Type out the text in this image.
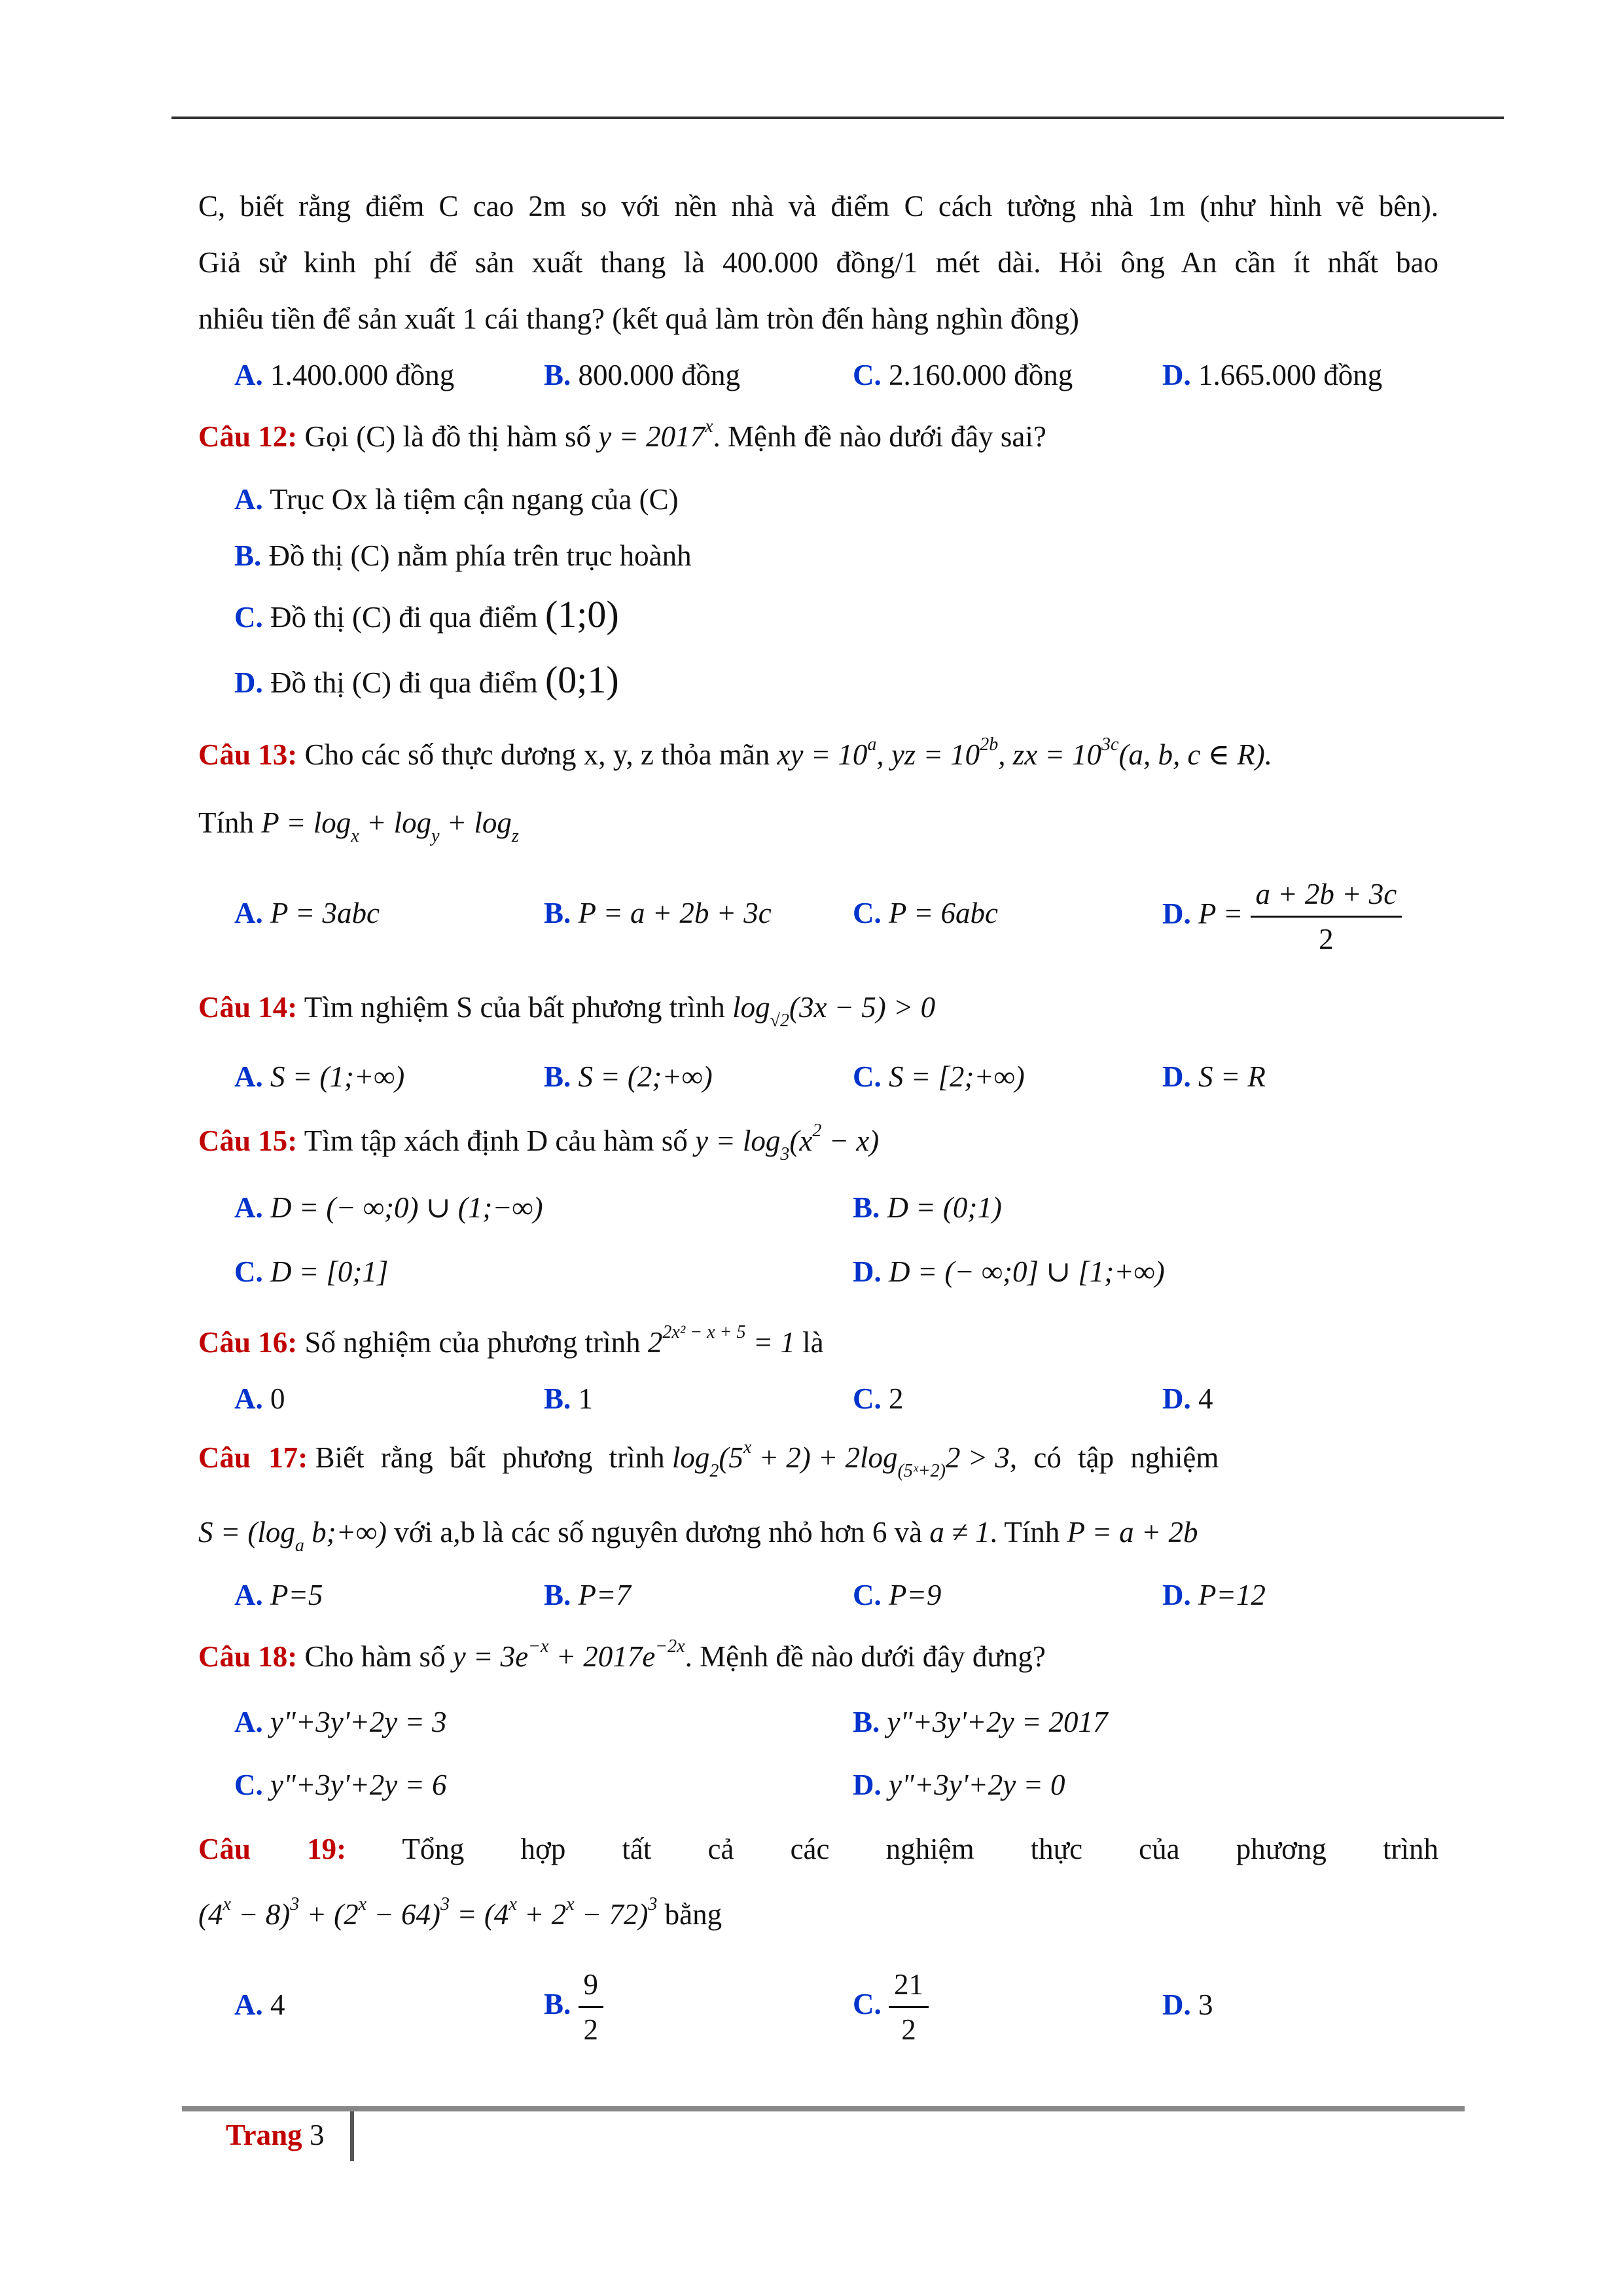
C, biết rằng điểm C cao 2m so với nền nhà và điểm C cách tường nhà 1m (như hình vẽ bên).
Giả sử kinh phí để sản xuất thang là 400.000 đồng/1 mét dài. Hỏi ông An cần ít nhất bao
nhiêu tiền để sản xuất 1 cái thang? (kết quả làm tròn đến hàng nghìn đồng)
A. 1.400.000 đồng	B. 800.000 đồng	C. 2.160.000 đồng	D. 1.665.000 đồng
Câu 12: Gọi (C) là đồ thị hàm số $y = 2017^x$. Mệnh đề nào dưới đây sai?
A. Trục Ox là tiệm cận ngang của (C)
B. Đồ thị (C) nằm phía trên trục hoành
C. Đồ thị (C) đi qua điểm (1;0)
D. Đồ thị (C) đi qua điểm (0;1)
Câu 13: Cho các số thực dương x, y, z thỏa mãn xy = $10^a$, yz = $10^{2b}$, zx = $10^{3c}(a$, b, c ∈ R).
Tính $P = \log_x + \log_y + \log_z$
A. P = 3abc	B. P = a + 2b + 3c	C. P = 6abc	D. $P = \frac{a + 2b + 3c}{2}$
Câu 14: Tìm nghiệm S của bất phương trình $\log_{√2}(3x - 5) > 0$
A. S = (1;+∞)	B. S = (2;+∞)	C. S = [2;+∞)	D. S = R
Câu 15: Tìm tập xách định D cảu hàm số $y = \log_3(x^2 - x)$
A. D = (− ∞;0) ∪ (1;−∞)	B. D = (0;1)
C. D = [0;1]	D. D = (− ∞;0] ∪ [1;+∞)
Câu 16: Số nghiệm của phương trình $2^{2x^2 - x + 5} = 1$ là
A. 0	B. 1	C. 2	D. 4
Câu 17: Biết rằng bất phương trình $\log_2(5^x + 2) + 2\log_{(5ˣ+2)}2 > 3$, có tập nghiệm
$S = (\log_a$ b;+∞) với a,b là các số nguyên dương nhỏ hơn 6 và a ≠ 1. Tính P = a + 2b
A. P=5	B. P=7	C. P=9	D. P=12
Câu 18: Cho hàm số $y = 3e^{-x} + 2017e^{-2x}$. Mệnh đề nào dưới đây đưng?
A. y"+3y'+2y = 3	B. y"+3y'+2y = 2017
C. y"+3y'+2y = 6	D. y"+3y'+2y = 0
Câu 19: Tổng hợp tất cả các nghiệm thực của phương trình
$(4^x - 8)^3 + (2^x - 64)^3 = (4^x + 2^x - 72)^3$ bằng
A. 4	B. $\frac{9}{2}$	C. $\frac{21}{2}$	D. 3
Trang 3
